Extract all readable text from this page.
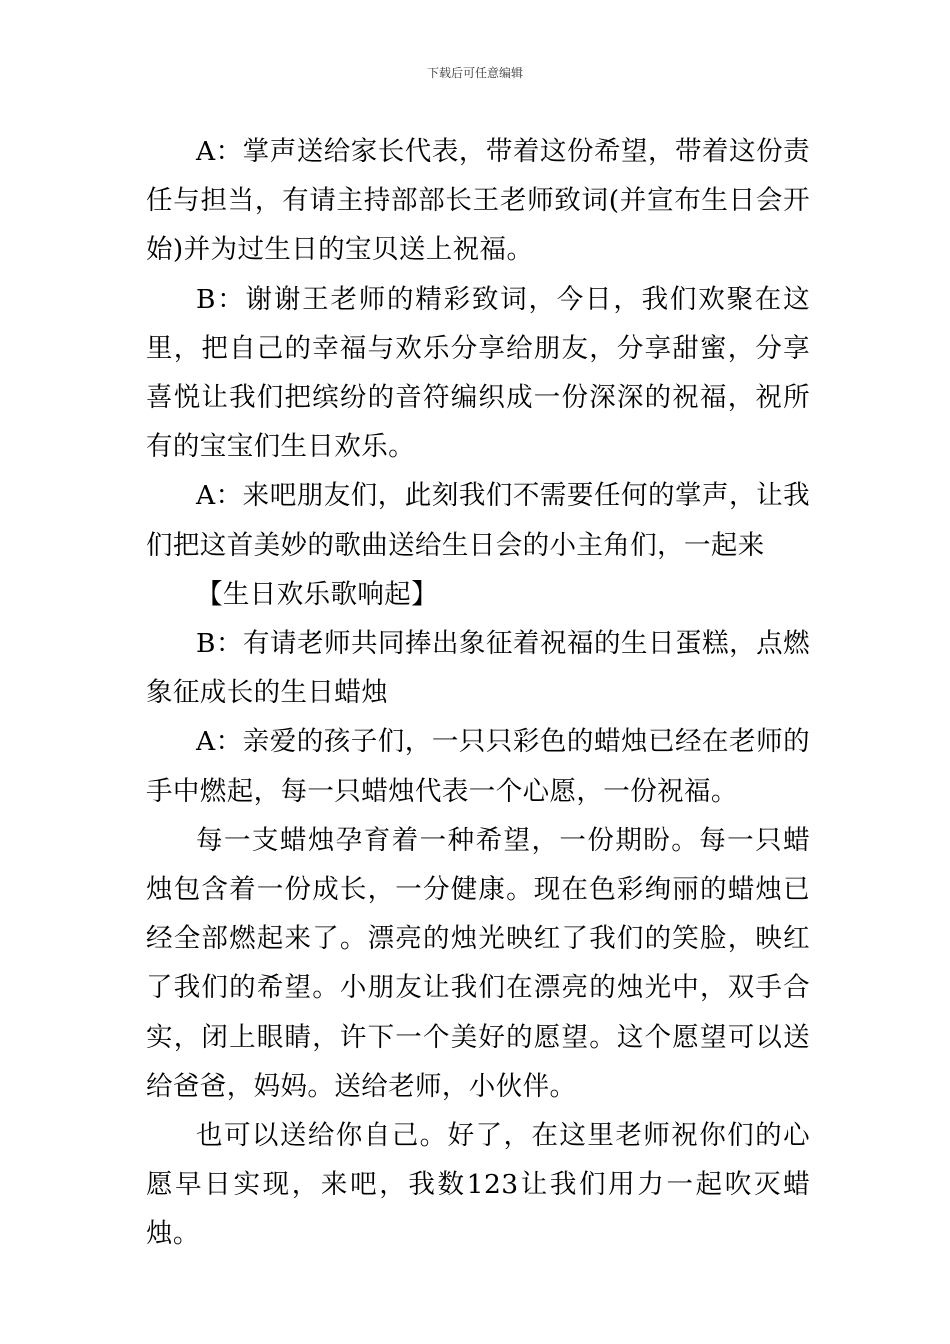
下载后可任意编辑

A：掌声送给家长代表，带着这份希望，带着这份责任与担当，有请主持部部长王老师致词(并宣布生日会开始)并为过生日的宝贝送上祝福。

B：谢谢王老师的精彩致词，今日，我们欢聚在这里，把自己的幸福与欢乐分享给朋友，分享甜蜜，分享喜悦让我们把缤纷的音符编织成一份深深的祝福，祝所有的宝宝们生日欢乐。

A：来吧朋友们，此刻我们不需要任何的掌声，让我们把这首美妙的歌曲送给生日会的小主角们，一起来

【生日欢乐歌响起】

B：有请老师共同捧出象征着祝福的生日蛋糕，点燃象征成长的生日蜡烛

A：亲爱的孩子们，一只只彩色的蜡烛已经在老师的手中燃起，每一只蜡烛代表一个心愿，一份祝福。

每一支蜡烛孕育着一种希望，一份期盼。每一只蜡烛包含着一份成长，一分健康。现在色彩绚丽的蜡烛已经全部燃起来了。漂亮的烛光映红了我们的笑脸，映红了我们的希望。小朋友让我们在漂亮的烛光中，双手合实，闭上眼睛，许下一个美好的愿望。这个愿望可以送给爸爸，妈妈。送给老师，小伙伴。

也可以送给你自己。好了，在这里老师祝你们的心愿早日实现，来吧，我数123让我们用力一起吹灭蜡烛。
